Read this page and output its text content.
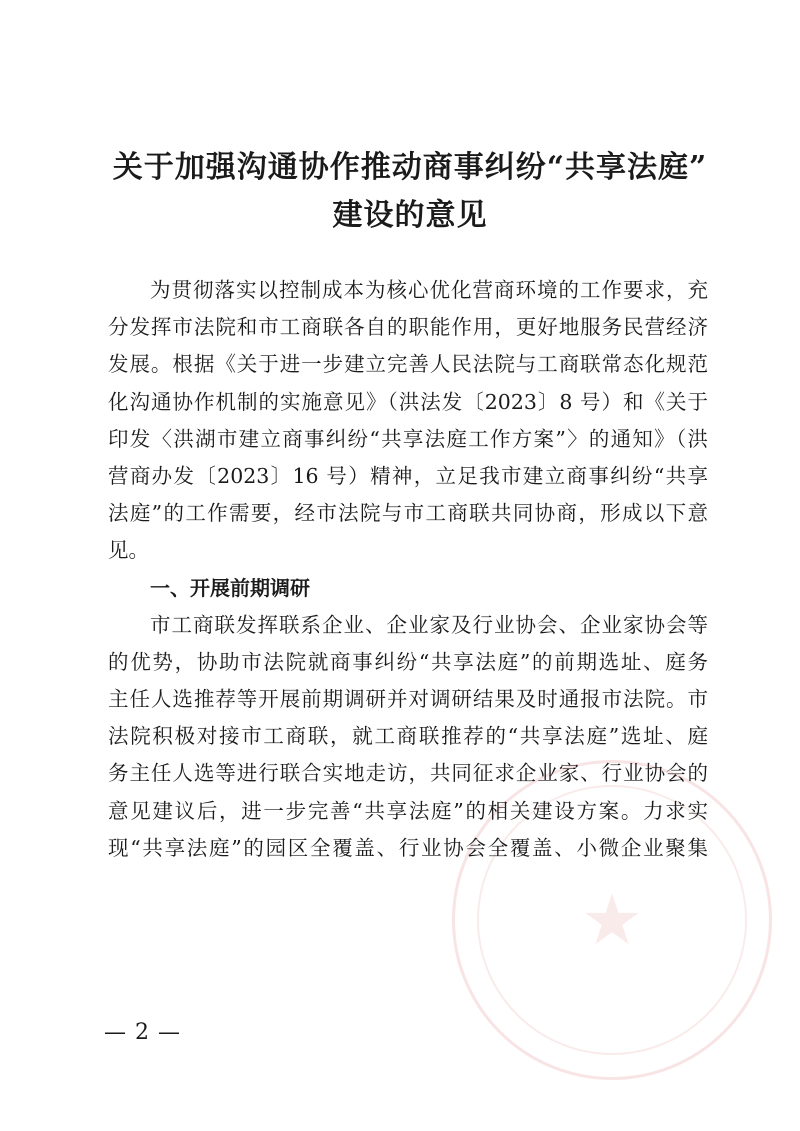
★
关于加强沟通协作推动商事纠纷“共享法庭”
建设的意见
为贯彻落实以控制成本为核心优化营商环境的工作要求，充
分发挥市法院和市工商联各自的职能作用，更好地服务民营经济
发展。根据《关于进一步建立完善人民法院与工商联常态化规范
化沟通协作机制的实施意见》（洪法发〔2023〕8 号）和《关于
印发〈洪湖市建立商事纠纷“共享法庭工作方案”〉的通知》（洪
营商办发〔2023〕16 号）精神，立足我市建立商事纠纷“共享
法庭”的工作需要，经市法院与市工商联共同协商，形成以下意
见。
一、开展前期调研
市工商联发挥联系企业、企业家及行业协会、企业家协会等
的优势，协助市法院就商事纠纷“共享法庭”的前期选址、庭务
主任人选推荐等开展前期调研并对调研结果及时通报市法院。市
法院积极对接市工商联，就工商联推荐的“共享法庭”选址、庭
务主任人选等进行联合实地走访，共同征求企业家、行业协会的
意见建议后，进一步完善“共享法庭”的相关建设方案。力求实
现“共享法庭”的园区全覆盖、行业协会全覆盖、小微企业聚集
— 2 —
